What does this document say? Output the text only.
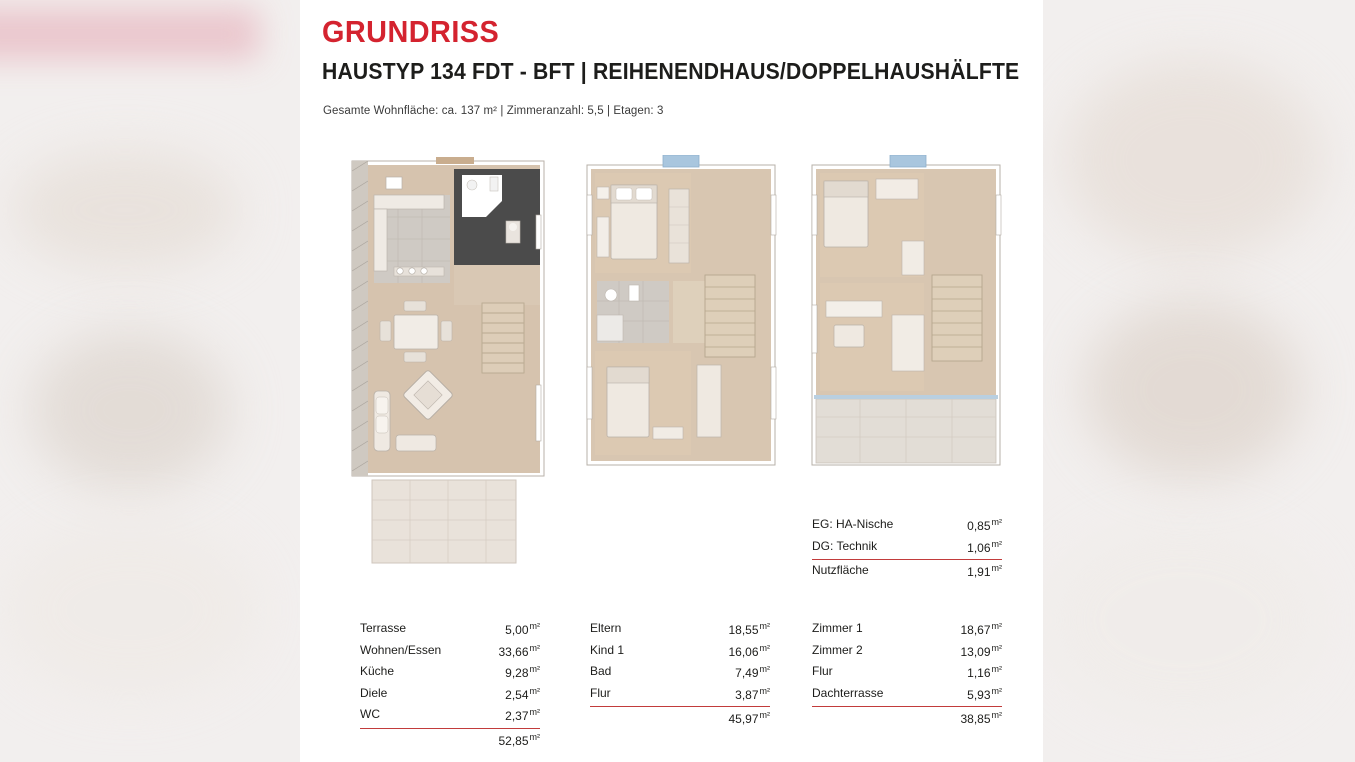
GRUNDRISS
HAUSTYP 134 FDT - BFT | REIHENENDHAUS/DOPPELHAUSHÄLFTE
Gesamte Wohnfläche: ca. 137 m² | Zimmeranzahl: 5,5 | Etagen: 3
EG: HA-Nische	$0,85^{m^2}$
DG: Technik	$1,06^{m^2}$
Nutzfläche	$1,91^{m^2}$
Terrasse	$5,00^{m^2}$
Wohnen/Essen	$33,66^{m^2}$
Küche	$9,28^{m^2}$
Diele	$2,54^{m^2}$
WC	$2,37^{m^2}$
$52,85^{m^2}$
Eltern	$18,55^{m^2}$
Kind 1	$16,06^{m^2}$
Bad	$7,49^{m^2}$
Flur	$3,87^{m^2}$
$45,97^{m^2}$
Zimmer 1	$18,67^{m^2}$
Zimmer 2	$13,09^{m^2}$
Flur	$1,16^{m^2}$
Dachterrasse	$5,93^{m^2}$
$38,85^{m^2}$
